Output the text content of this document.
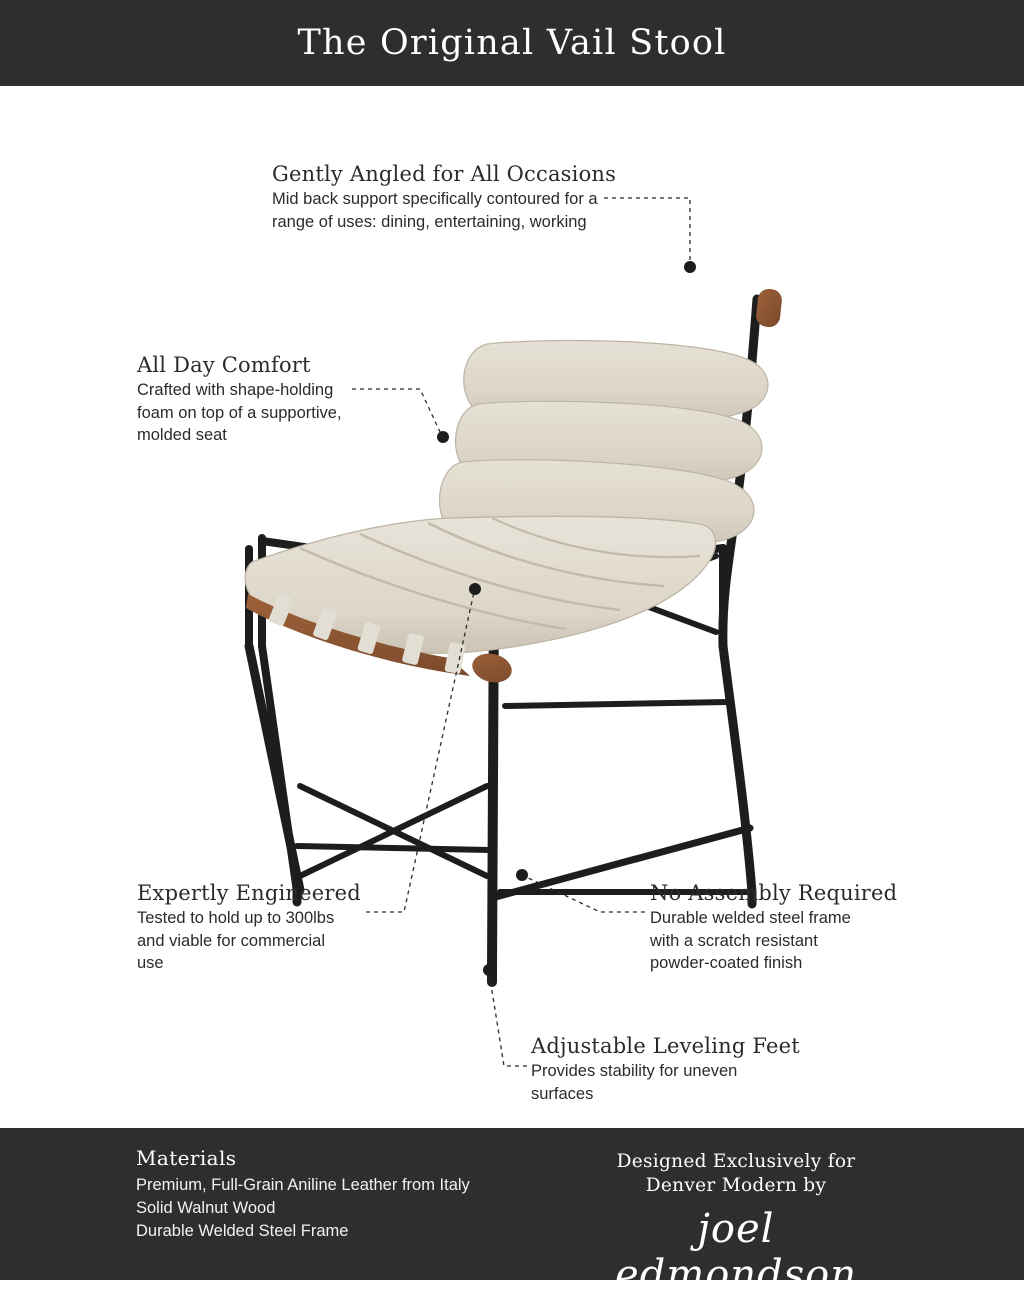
The Original Vail Stool
Gently Angled for All Occasions
Mid back support specifically contoured for a range of uses: dining, entertaining, working
All Day Comfort
Crafted with shape-holding foam on top of a supportive, molded seat
Expertly Engineered
Tested to hold up to 300lbs and viable for commercial use
No Assembly Required
Durable welded steel frame with a scratch resistant powder-coated finish
Adjustable Leveling Feet
Provides stability for uneven surfaces
Materials
Premium, Full-Grain Aniline Leather from Italy
Solid Walnut Wood
Durable Welded Steel Frame
Designed Exclusively for
Denver Modern by
joel edmondson
